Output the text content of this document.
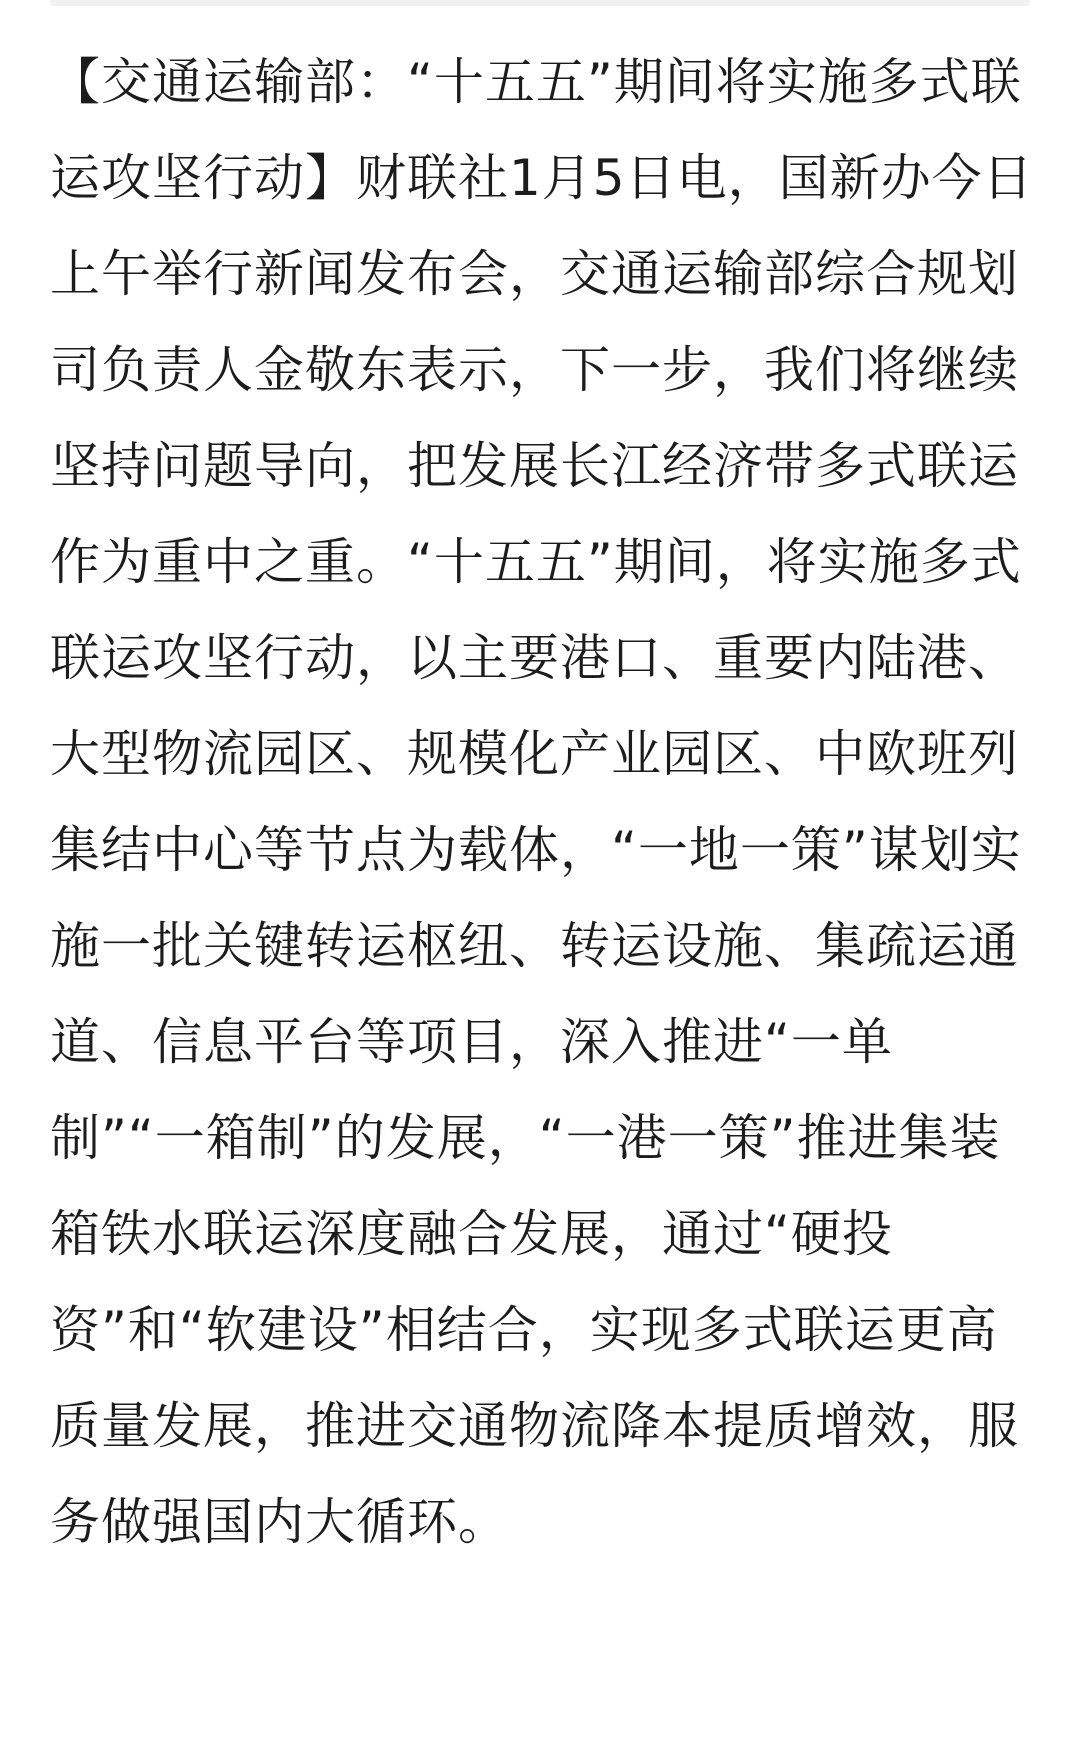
【交通运输部：“十五五”期间将实施多式联运攻坚行动】财联社1月5日电，国新办今日上午举行新闻发布会，交通运输部综合规划司负责人金敬东表示，下一步，我们将继续坚持问题导向，把发展长江经济带多式联运作为重中之重。“十五五”期间，将实施多式联运攻坚行动，以主要港口、重要内陆港、大型物流园区、规模化产业园区、中欧班列集结中心等节点为载体，“一地一策”谋划实施一批关键转运枢纽、转运设施、集疏运通道、信息平台等项目，深入推进“一单制”“一箱制”的发展，“一港一策”推进集装箱铁水联运深度融合发展，通过“硬投资”和“软建设”相结合，实现多式联运更高质量发展，推进交通物流降本提质增效，服务做强国内大循环。
